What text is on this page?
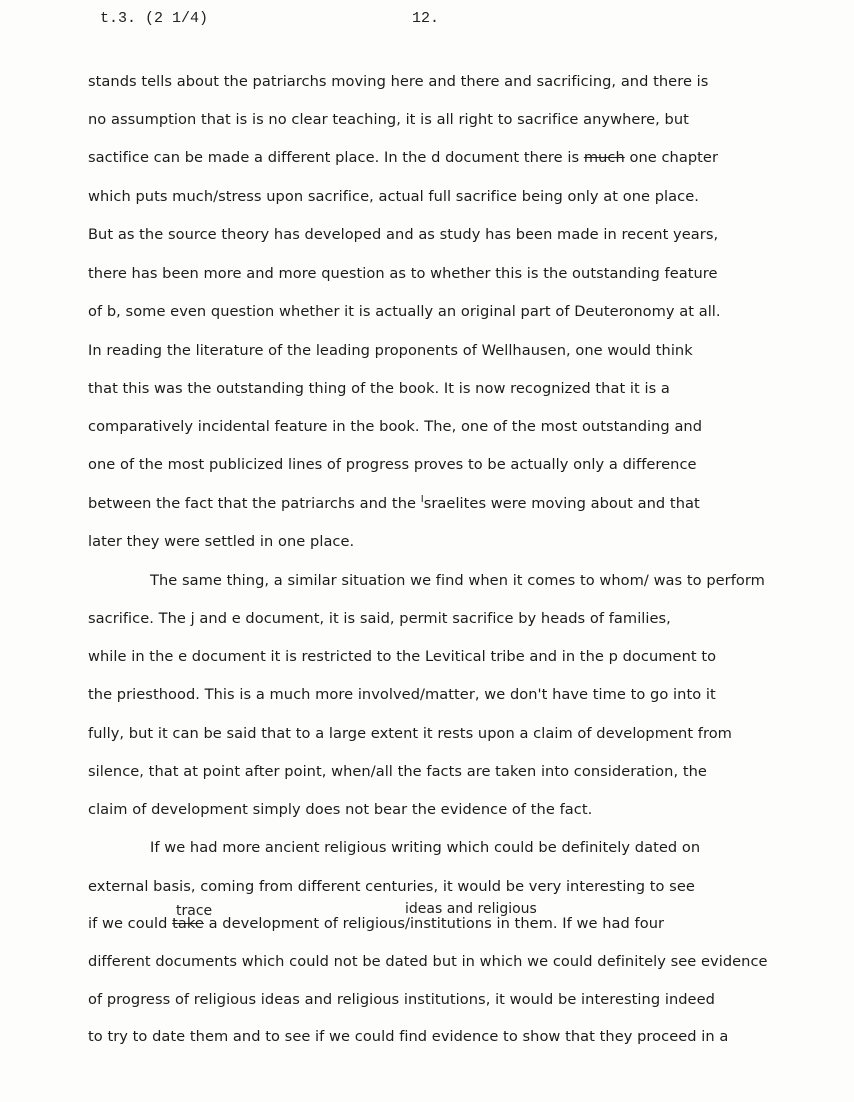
t.3. (2 1/4)	12.
stands tells about the patriarchs moving here and there and sacrificing, and there is
no assumption that is is no clear teaching, it is all right to sacrifice anywhere, but
sactifice can be made a different place. In the d document there is much one chapter
which puts much/stress upon sacrifice, actual full sacrifice being only at one place.
But as the source theory has developed and as study has been made in recent years,
there has been more and more question as to whether this is the outstanding feature
of b, some even question whether it is actually an original part of Deuteronomy at all.
In reading the literature of the leading proponents of Wellhausen, one would think
that this was the outstanding thing of the book. It is now recognized that it is a
comparatively incidental feature in the book. The, one of the most outstanding and
one of the most publicized lines of progress proves to be actually only a difference
between the fact that the patriarchs and the $^I$sraelites were moving about and that
later they were settled in one place.
The same thing, a similar situation we find when it comes to whom/ was to perform
sacrifice. The j and e document, it is said, permit sacrifice by heads of families,
while in the e document it is restricted to the Levitical tribe and in the p document to
the priesthood. This is a much more involved/matter, we don't have time to go into it
fully, but it can be said that to a large extent it rests upon a claim of development from
silence, that at point after point, when/all the facts are taken into consideration, the
claim of development simply does not bear the evidence of the fact.
If we had more ancient religious writing which could be definitely dated on
external basis, coming from different centuries, it would be very interesting to see
trace	ideas and religious
if we could take a development of religious/institutions in them. If we had four
different documents which could not be dated but in which we could definitely see evidence
of progress of religious ideas and religious institutions, it would be interesting indeed
to try to date them and to see if we could find evidence to show that they proceed in a
